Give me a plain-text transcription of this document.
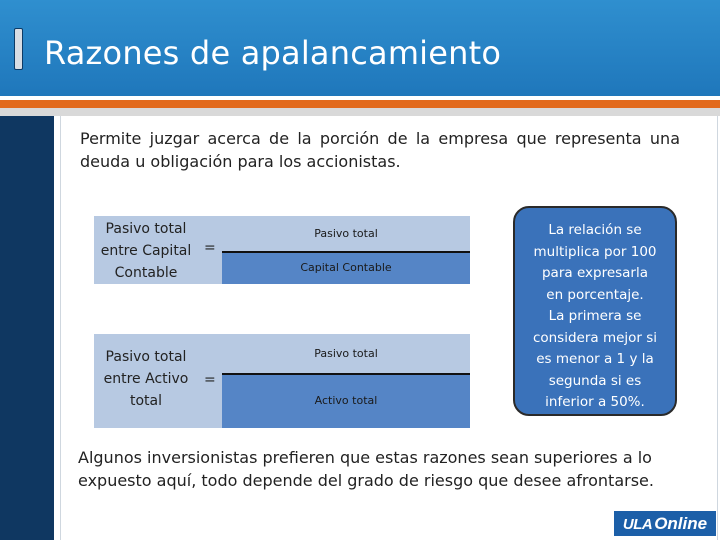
Razones de apalancamiento
Permite juzgar acerca de la porción de la empresa que representa una deuda u obligación para los accionistas.
Pasivo total
entre Capital
Contable
=
Pasivo total
Capital Contable
Pasivo total
entre Activo
total
=
Pasivo total
Activo total
La relación se
multiplica por 100
para expresarla
en porcentaje.
La primera se
considera mejor si
es menor a 1 y la
segunda si es
inferior a 50%.
Algunos inversionistas prefieren que estas razones sean superiores a lo expuesto aquí, todo depende del grado de riesgo que desee afrontarse.
ULA Online
